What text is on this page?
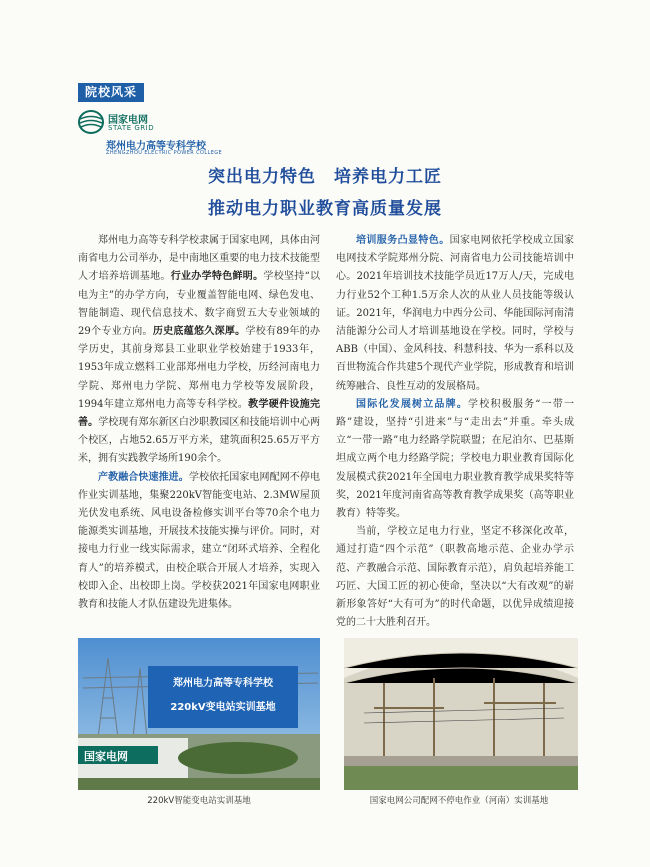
院校风采
国家电网
STATE GRID
郑州电力高等专科学校
ZHENGZHOU ELECTRIC POWER COLLEGE
突出电力特色　培养电力工匠
推动电力职业教育高质量发展

郑州电力高等专科学校隶属于国家电网，具体由河南省电力公司举办，是中南地区重要的电力技术技能型人才培养培训基地。行业办学特色鲜明。学校坚持“以电为主”的办学方向，专业覆盖智能电网、绿色发电、智能制造、现代信息技术、数字商贸五大专业领域的29个专业方向。历史底蕴悠久深厚。学校有89年的办学历史，其前身郑县工业职业学校始建于1933年，1953年成立燃料工业部郑州电力学校，历经河南电力学院、郑州电力学院、郑州电力学校等发展阶段，1994年建立郑州电力高等专科学校。教学硬件设施完善。学校现有郑东新区白沙职教园区和技能培训中心两个校区，占地52.65万平方米，建筑面积25.65万平方米，拥有实践教学场所190余个。

产教融合快速推进。学校依托国家电网配网不停电作业实训基地，集聚220kV智能变电站、2.3MW屋顶光伏发电系统、风电设备检修实训平台等70余个电力能源类实训基地，开展技术技能实操与评价。同时，对接电力行业一线实际需求，建立“闭环式培养、全程化育人”的培养模式，由校企联合开展人才培养，实现入校即入企、出校即上岗。学校获2021年国家电网职业教育和技能人才队伍建设先进集体。

培训服务凸显特色。国家电网依托学校成立国家电网技术学院郑州分院、河南省电力公司技能培训中心。2021年培训技术技能学员近17万人/天，完成电力行业52个工种1.5万余人次的从业人员技能等级认证。2021年，华润电力中西分公司、华能国际河南清洁能源分公司人才培训基地设在学校。同时，学校与ABB（中国）、金风科技、科慧科技、华为一系科以及百世物流合作共建5个现代产业学院，形成教育和培训统筹融合、良性互动的发展格局。

国际化发展树立品牌。学校积极服务“一带一路”建设，坚持“引进来”与“走出去”并重。牵头成立“一带一路”电力经路学院联盟；在尼泊尔、巴基斯坦成立两个电力经路学院；学校电力职业教育国际化发展模式获2021年全国电力职业教育教学成果奖特等奖，2021年度河南省高等教育教学成果奖（高等职业教育）特等奖。

当前，学校立足电力行业，坚定不移深化改革，通过打造“四个示范”（职教高地示范、企业办学示范、产教融合示范、国际教育示范），肩负起培养能工巧匠、大国工匠的初心使命，坚决以“大有改观”的崭新形象答好“大有可为”的时代命题，以优异成绩迎接党的二十大胜利召开。

郑州电力高等专科学校
220kV变电站实训基地
国家电网
220kV智能变电站实训基地	国家电网公司配网不停电作业（河南）实训基地
